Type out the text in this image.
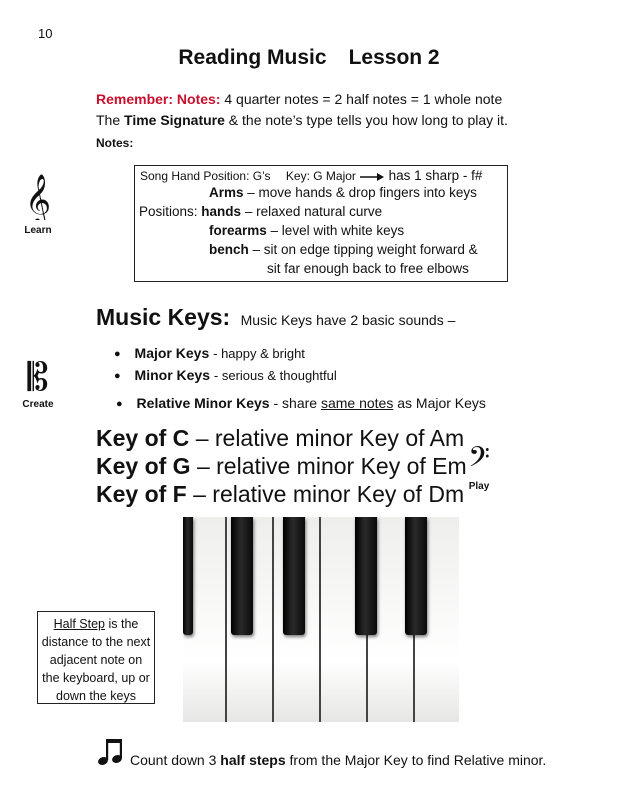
10
Reading Music Lesson 2
Remember: Notes: 4 quarter notes = 2 half notes = 1 whole note
The Time Signature & the note’s type tells you how long to play it.
Notes:
𝄞
Learn
Song Hand Position: G’s Key: G Major has 1 sharp - f#
Arms – move hands & drop fingers into keys
Positions: hands – relaxed natural curve
forearms – level with white keys
bench – sit on edge tipping weight forward &
sit far enough back to free elbows
Music Keys: Music Keys have 2 basic sounds –
𝄡
Create
● Major Keys - happy & bright
● Minor Keys - serious & thoughtful
● Relative Minor Keys - share same notes as Major Keys
Key of C – relative minor Key of Am
Key of G – relative minor Key of Em
Key of F – relative minor Key of Dm
𝄢
Play
Half Step is the
distance to the next
adjacent note on
the keyboard, up or
down the keys
Count down 3 half steps from the Major Key to find Relative minor.
